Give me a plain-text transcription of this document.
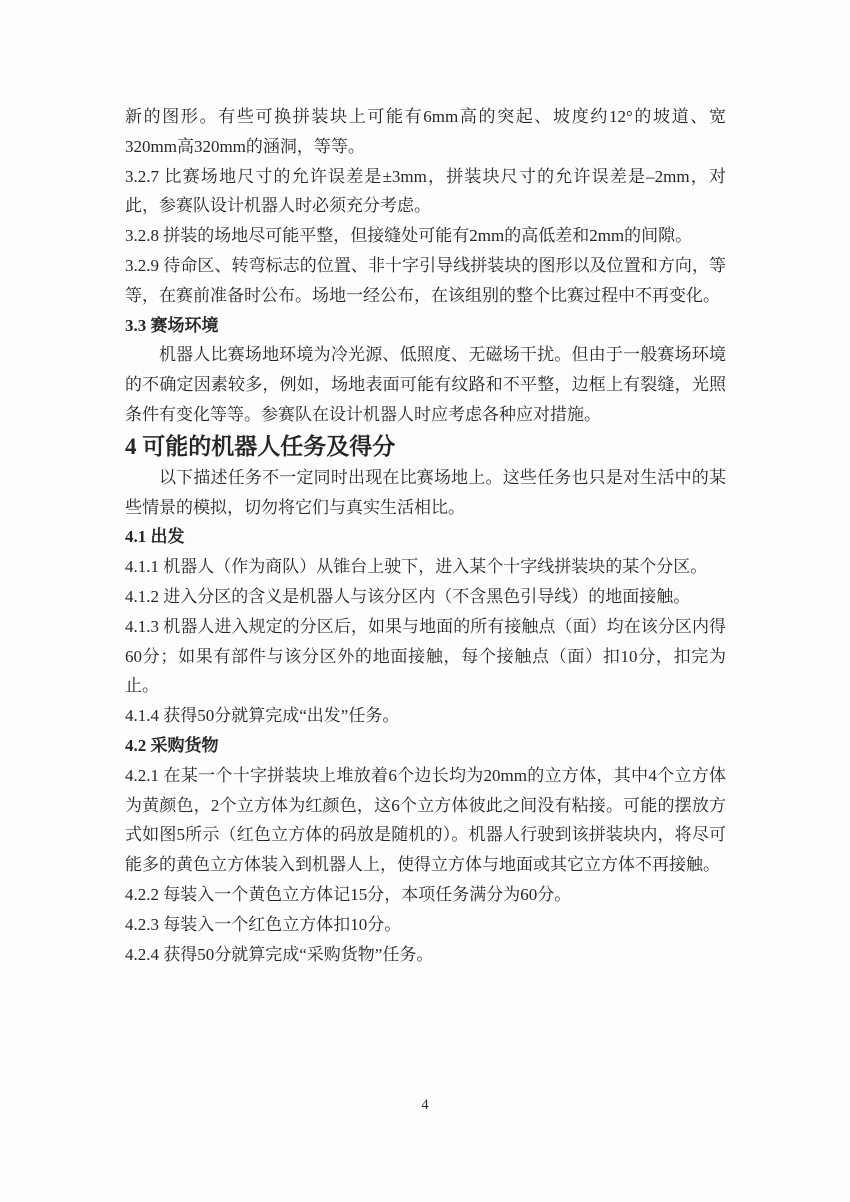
新的图形。有些可换拼装块上可能有6mm高的突起、坡度约12°的坡道、宽320mm高320mm的涵洞，等等。

3.2.7 比赛场地尺寸的允许误差是±3mm，拼装块尺寸的允许误差是–2mm，对此，参赛队设计机器人时必须充分考虑。

3.2.8 拼装的场地尽可能平整，但接缝处可能有2mm的高低差和2mm的间隙。

3.2.9 待命区、转弯标志的位置、非十字引导线拼装块的图形以及位置和方向，等等，在赛前准备时公布。场地一经公布，在该组别的整个比赛过程中不再变化。

3.3 赛场环境

机器人比赛场地环境为冷光源、低照度、无磁场干扰。但由于一般赛场环境的不确定因素较多，例如，场地表面可能有纹路和不平整，边框上有裂缝，光照条件有变化等等。参赛队在设计机器人时应考虑各种应对措施。

4 可能的机器人任务及得分

以下描述任务不一定同时出现在比赛场地上。这些任务也只是对生活中的某些情景的模拟，切勿将它们与真实生活相比。

4.1 出发

4.1.1 机器人（作为商队）从锥台上驶下，进入某个十字线拼装块的某个分区。

4.1.2 进入分区的含义是机器人与该分区内（不含黑色引导线）的地面接触。

4.1.3 机器人进入规定的分区后，如果与地面的所有接触点（面）均在该分区内得60分；如果有部件与该分区外的地面接触，每个接触点（面）扣10分，扣完为止。

4.1.4 获得50分就算完成“出发”任务。

4.2 采购货物

4.2.1 在某一个十字拼装块上堆放着6个边长均为20mm的立方体，其中4个立方体为黄颜色，2个立方体为红颜色，这6个立方体彼此之间没有粘接。可能的摆放方式如图5所示（红色立方体的码放是随机的）。机器人行驶到该拼装块内，将尽可能多的黄色立方体装入到机器人上，使得立方体与地面或其它立方体不再接触。

4.2.2 每装入一个黄色立方体记15分，本项任务满分为60分。

4.2.3 每装入一个红色立方体扣10分。

4.2.4 获得50分就算完成“采购货物”任务。

4
